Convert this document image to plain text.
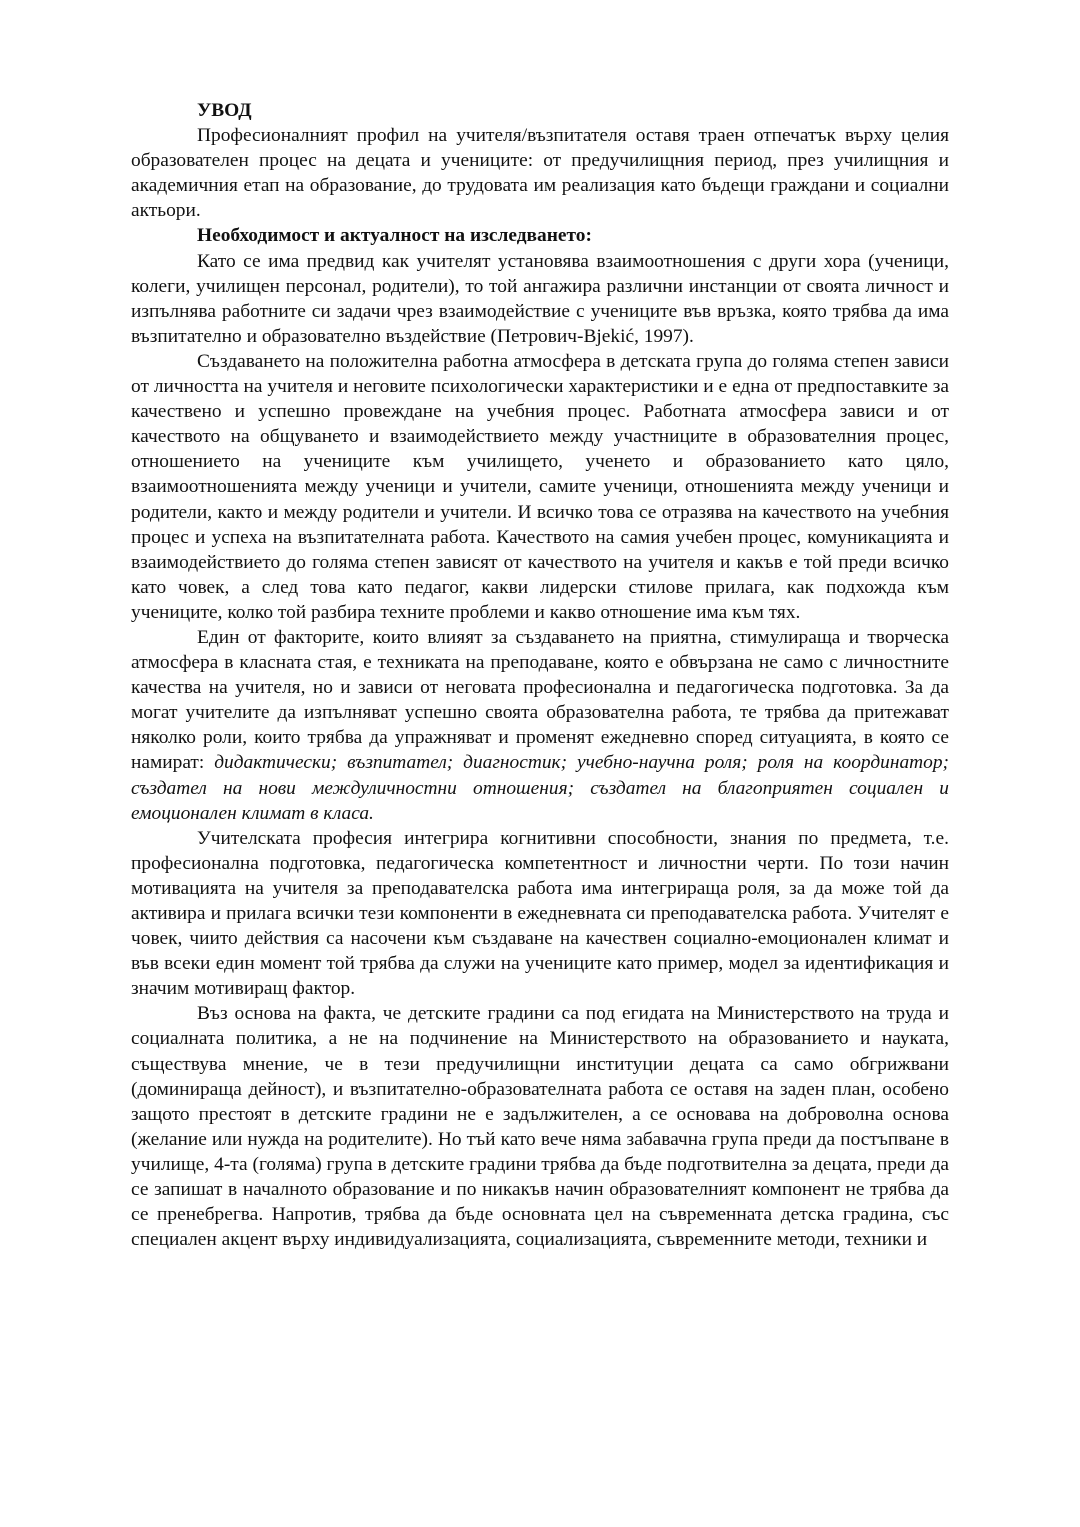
УВОД

Професионалният профил на учителя/възпитателя оставя траен отпечатък върху целия образователен процес на децата и учениците: от предучилищния период, през училищния и академичния етап на образование, до трудовата им реализация като бъдещи граждани и социални актьори.

Необходимост и актуалност на изследването:

Като се има предвид как учителят установява взаимоотношения с други хора (ученици, колеги, училищен персонал, родители), то той ангажира различни инстанции от своята личност и изпълнява работните си задачи чрез взаимодействие с учениците във връзка, която трябва да има възпитателно и образователно въздействие (Петрович-Bjekić, 1997).

Създаването на положителна работна атмосфера в детската група до голяма степен зависи от личността на учителя и неговите психологически характеристики и е една от предпоставките за качествено и успешно провеждане на учебния процес. Работната атмосфера зависи и от качеството на общуването и взаимодействието между участниците в образователния процес, отношението на учениците към училището, ученето и образованието като цяло, взаимоотношенията между ученици и учители, самите ученици, отношенията между ученици и родители, както и между родители и учители. И всичко това се отразява на качеството на учебния процес и успеха на възпитателната работа. Качеството на самия учебен процес, комуникацията и взаимодействието до голяма степен зависят от качеството на учителя и какъв е той преди всичко като човек, а след това като педагог, какви лидерски стилове прилага, как подхожда към учениците, колко той разбира техните проблеми и какво отношение има към тях.

Един от факторите, които влияят за създаването на приятна, стимулираща и творческа атмосфера в класната стая, е техниката на преподаване, която е обвързана не само с личностните качества на учителя, но и зависи от неговата професионална и педагогическа подготовка. За да могат учителите да изпълняват успешно своята образователна работа, те трябва да притежават няколко роли, които трябва да упражняват и променят ежедневно според ситуацията, в която се намират: дидактически; възпитател; диагностик; учебно-научна роля; роля на координатор; създател на нови междуличностни отношения; създател на благоприятен социален и емоционален климат в класа.

Учителската професия интегрира когнитивни способности, знания по предмета, т.е. професионална подготовка, педагогическа компетентност и личностни черти. По този начин мотивацията на учителя за преподавателска работа има интегрираща роля, за да може той да активира и прилага всички тези компоненти в ежедневната си преподавателска работа. Учителят е човек, чиито действия са насочени към създаване на качествен социално-емоционален климат и във всеки един момент той трябва да служи на учениците като пример, модел за идентификация и значим мотивиращ фактор.

Въз основа на факта, че детските градини са под егидата на Министерството на труда и социалната политика, а не на подчинение на Министерството на образованието и науката, съществува мнение, че в тези предучилищни институции децата са само обгрижвани (доминираща дейност), и възпитателно-образователната работа се оставя на заден план, особено защото престоят в детските градини не е задължителен, а се основава на доброволна основа (желание или нужда на родителите). Но тъй като вече няма забавачна група преди да постъпване в училище, 4-та (голяма) група в детските градини трябва да бъде подготвителна за децата, преди да се запишат в началното образование и по никакъв начин образователният компонент не трябва да се пренебрегва. Напротив, трябва да бъде основната цел на съвременната детска градина, със специален акцент върху индивидуализацията, социализацията, съвременните методи, техники и
